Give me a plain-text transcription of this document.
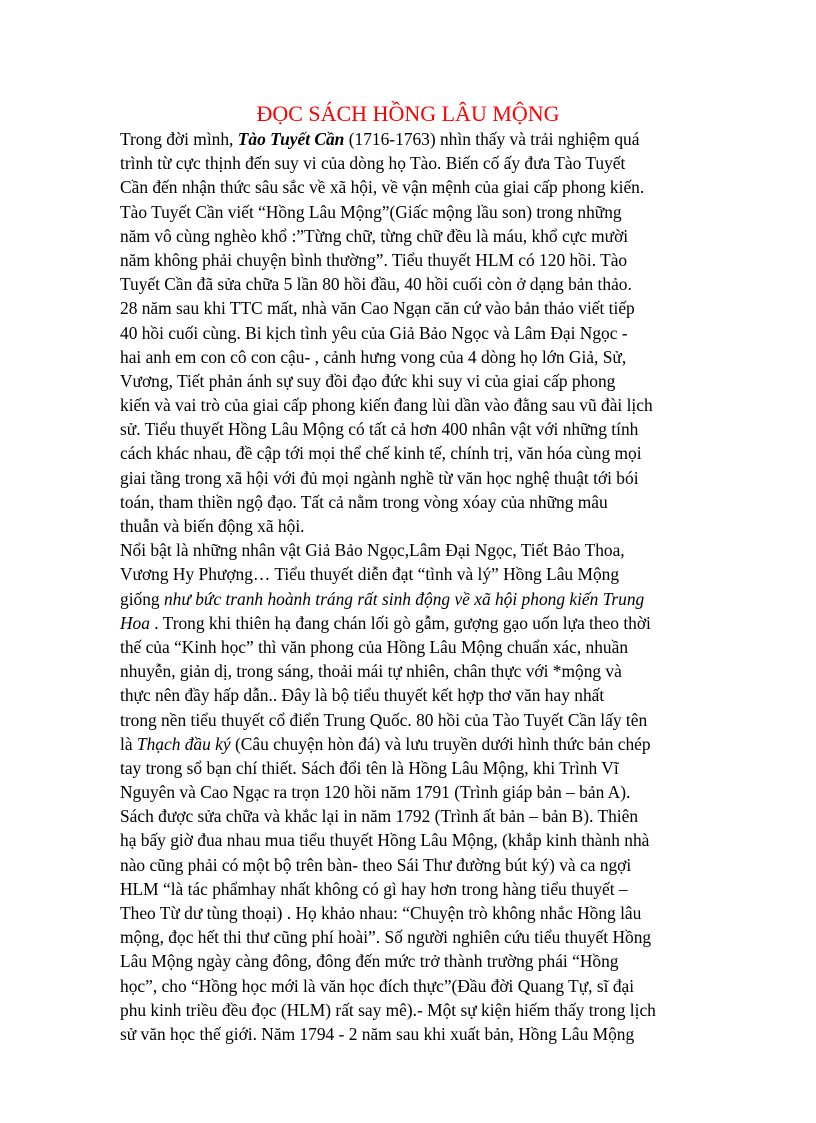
ĐỌC SÁCH HỒNG LÂU MỘNG
Trong đời mình, Tào Tuyết Cần (1716-1763) nhìn thấy và trải nghiệm quá
trình từ cực thịnh đến suy vi của dòng họ Tào. Biến cố ấy đưa Tào Tuyết
Cần đến nhận thức sâu sắc về xã hội, về vận mệnh của giai cấp phong kiến.
Tào Tuyết Cần viết “Hồng Lâu Mộng”(Giấc mộng lầu son) trong những
năm vô cùng nghèo khổ :”Từng chữ, từng chữ đều là máu, khổ cực mười
năm không phải chuyện bình thường”. Tiểu thuyết HLM có 120 hồi. Tào
Tuyết Cần đã sửa chữa 5 lần 80 hồi đầu, 40 hồi cuối còn ở dạng bản thảo.
28 năm sau khi TTC mất, nhà văn Cao Ngạn căn cứ vào bản thảo viết tiếp
40 hồi cuối cùng. Bi kịch tình yêu của Giả Bảo Ngọc và Lâm Đại Ngọc -
hai anh em con cô con cậu- , cảnh hưng vong của 4 dòng họ lớn Giả, Sử,
Vương, Tiết phản ánh sự suy đồi đạo đức khi suy vi của giai cấp phong
kiến và vai trò của giai cấp phong kiến đang lùi dần vào đằng sau vũ đài lịch
sử. Tiểu thuyết Hồng Lâu Mộng có tất cả hơn 400 nhân vật với những tính
cách khác nhau, đề cập tới mọi thể chế kinh tế, chính trị, văn hóa cùng mọi
giai tầng trong xã hội với đủ mọi ngành nghề từ văn học nghệ thuật tới bói
toán, tham thiền ngộ đạo. Tất cả nằm trong vòng xóay của những mâu
thuẫn và biến động xã hội.
Nổi bật là những nhân vật Giả Bảo Ngọc,Lâm Đại Ngọc, Tiết Bảo Thoa,
Vương Hy Phượng… Tiểu thuyết diễn đạt “tình và lý” Hồng Lâu Mộng
giống như bức tranh hoành tráng rất sinh động về xã hội phong kiến Trung
Hoa . Trong khi thiên hạ đang chán lối gò gẫm, gượng gạo uốn lựa theo thời
thế của “Kinh học” thì văn phong của Hồng Lâu Mộng chuẩn xác, nhuần
nhuyễn, giản dị, trong sáng, thoải mái tự nhiên, chân thực với *mộng và
thực nên đầy hấp dẫn.. Đây là bộ tiểu thuyết kết hợp thơ văn hay nhất
trong nền tiểu thuyết cổ điển Trung Quốc. 80 hồi của Tào Tuyết Cần lấy tên
là Thạch đầu ký (Câu chuyện hòn đá) và lưu truyền dưới hình thức bản chép
tay trong sổ bạn chí thiết. Sách đổi tên là Hồng Lâu Mộng, khi Trình Vĩ
Nguyên và Cao Ngạc ra trọn 120 hồi năm 1791 (Trình giáp bản – bản A).
Sách được sửa chữa và khắc lại in năm 1792 (Trình ất bản – bản B). Thiên
hạ bấy giờ đua nhau mua tiểu thuyết Hồng Lâu Mộng, (khắp kinh thành nhà
nào cũng phải có một bộ trên bàn- theo Sái Thư đường bút ký) và ca ngợi
HLM “là tác phẩmhay nhất không có gì hay hơn trong hàng tiểu thuyết –
Theo Từ dư tùng thoại) . Họ khảo nhau: “Chuyện trò không nhắc Hồng lâu
mộng, đọc hết thi thư cũng phí hoài”. Số người nghiên cứu tiểu thuyết Hồng
Lâu Mộng ngày càng đông, đông đến mức trở thành trường phái “Hồng
học”, cho “Hồng học mới là văn học đích thực”(Đầu đời Quang Tự, sĩ đại
phu kinh triều đều đọc (HLM) rất say mê).- Một sự kiện hiếm thấy trong lịch
sử văn học thế giới. Năm 1794 - 2 năm sau khi xuất bản, Hồng Lâu Mộng
